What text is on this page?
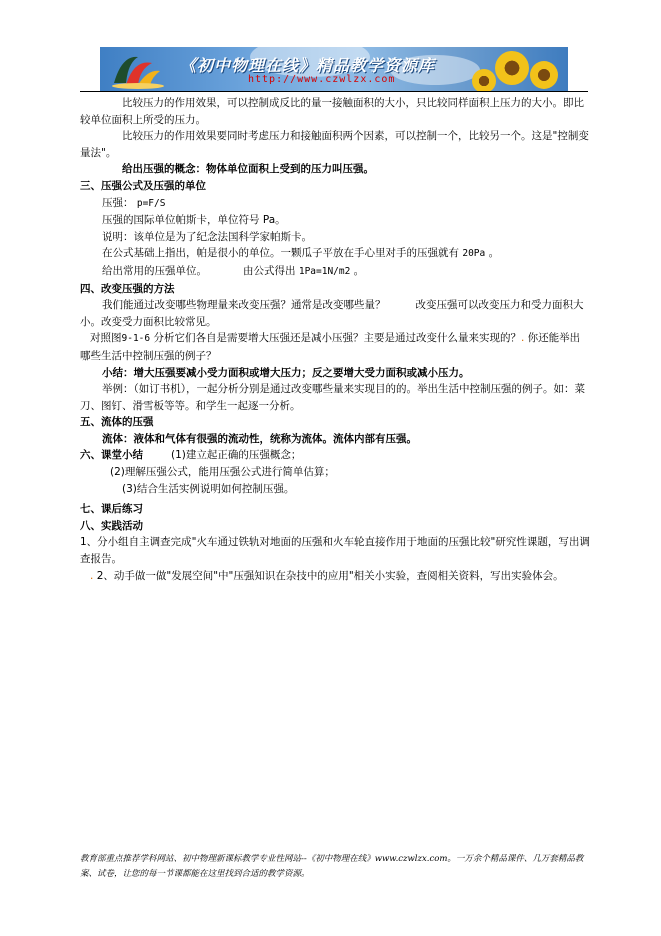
《初中物理在线》精品教学资源库
http://www.czwlzx.com

比较压力的作用效果，可以控制成反比的量一接触面积的大小，只比较同样面积上压力的大小。即比较单位面积上所受的压力。

比较压力的作用效果要同时考虑压力和接触面积两个因素，可以控制一个，比较另一个。这是"控制变量法"。

给出压强的概念：物体单位面积上受到的压力叫压强。

三、压强公式及压强的单位

压强： p=F/S

压强的国际单位帕斯卡，单位符号 Pa。

说明：该单位是为了纪念法国科学家帕斯卡。

在公式基础上指出，帕是很小的单位。一颗瓜子平放在手心里对手的压强就有 20Pa 。

给出常用的压强单位。	由公式得出 1Pa=1N/m2 。

四、改变压强的方法

我们能通过改变哪些物理量来改变压强？通常是改变哪些量？	改变压强可以改变压力和受力面积大小。改变受力面积比较常见。

对照图9-1-6 分析它们各自是需要增大压强还是减小压强？主要是通过改变什么量来实现的？. 你还能举出哪些生活中控制压强的例子？

小结：增大压强要减小受力面积或增大压力；反之要增大受力面积或减小压力。

举例：（如订书机），一起分析分别是通过改变哪些量来实现目的的。举出生活中控制压强的例子。如：菜刀、图钉、滑雪板等等。和学生一起逐一分析。

五、流体的压强

流体：液体和气体有很强的流动性，统称为流体。流体内部有压强。

六、课堂小结	(1)建立起正确的压强概念；

(2)理解压强公式，能用压强公式进行简单估算；

(3)结合生活实例说明如何控制压强。

七、课后练习

八、实践活动

1、分小组自主调查完成"火车通过铁轨对地面的压强和火车轮直接作用于地面的压强比较"研究性课题，写出调查报告。

. 2、动手做一做"发展空间"中"压强知识在杂技中的应用"相关小实验，查阅相关资料，写出实验体会。

教育部重点推荐学科网站、初中物理新课标教学专业性网站--《初中物理在线》www.czwlzx.com。一万余个精品课件、几万套精品教案、试卷，让您的每一节课都能在这里找到合适的教学资源。
